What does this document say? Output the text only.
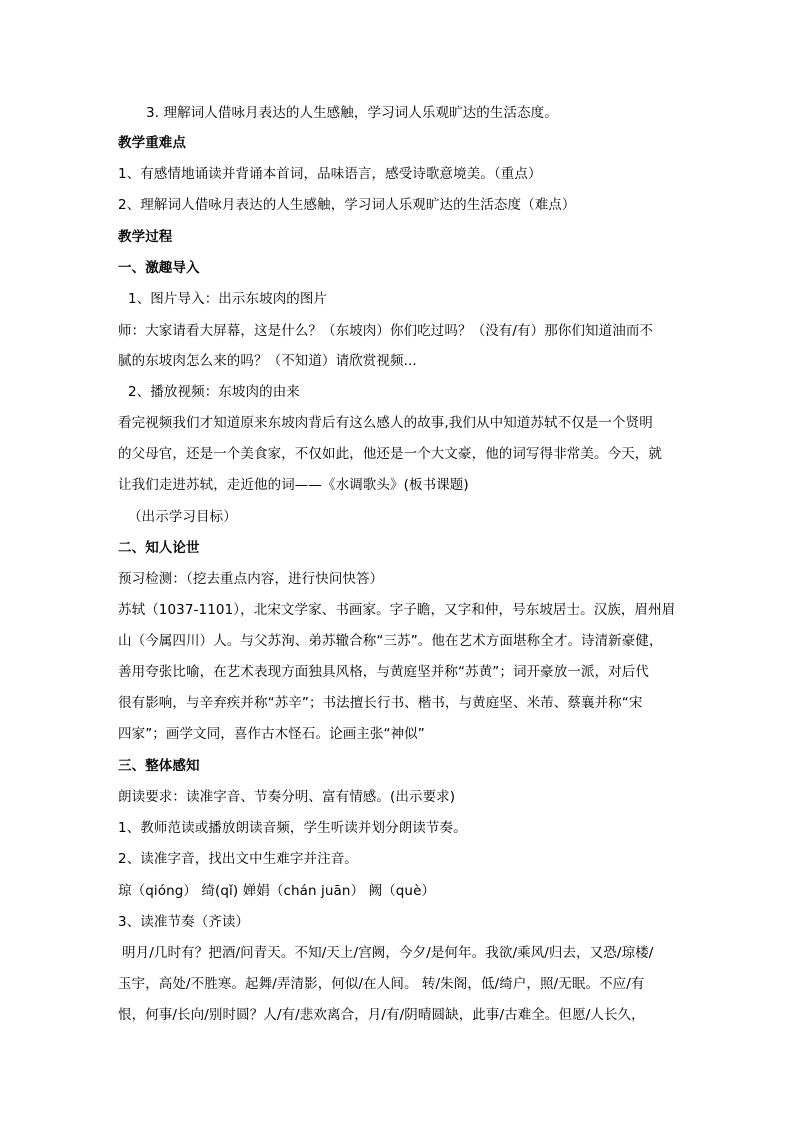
3. 理解词人借咏月表达的人生感触，学习词人乐观旷达的生活态度。
教学重难点
1、有感情地诵读并背诵本首词，品味语言，感受诗歌意境美。（重点）
2、理解词人借咏月表达的人生感触，学习词人乐观旷达的生活态度（难点）
教学过程
一、激趣导入
1、图片导入：出示东坡肉的图片
师：大家请看大屏幕，这是什么？（东坡肉）你们吃过吗？（没有/有）那你们知道油而不
腻的东坡肉怎么来的吗？（不知道）请欣赏视频...
2、播放视频：东坡肉的由来
看完视频我们才知道原来东坡肉背后有这么感人的故事,我们从中知道苏轼不仅是一个贤明
的父母官，还是一个美食家，不仅如此，他还是一个大文豪，他的词写得非常美。今天，就
让我们走进苏轼，走近他的词——《水调歌头》(板书课题)
（出示学习目标）
二、知人论世
预习检测：（挖去重点内容，进行快问快答）
苏轼（1037-1101），北宋文学家、书画家。字子瞻，又字和仲，号东坡居士。汉族，眉州眉
山（今属四川）人。与父苏洵、弟苏辙合称“三苏”。他在艺术方面堪称全才。诗清新豪健，
善用夸张比喻，在艺术表现方面独具风格，与黄庭坚并称“苏黄”；词开豪放一派，对后代
很有影响，与辛弃疾并称“苏辛”；书法擅长行书、楷书，与黄庭坚、米芾、蔡襄并称“宋
四家”；画学文同，喜作古木怪石。论画主张“神似”
三、整体感知
朗读要求：读准字音、节奏分明、富有情感。(出示要求)
1、教师范读或播放朗读音频，学生听读并划分朗读节奏。
2、读准字音，找出文中生难字并注音。
琼（qióng） 绮(qǐ) 婵娟（chán juān） 阙（què）
3、读准节奏（齐读）
明月/几时有？把酒/问青天。不知/天上/宫阙，今夕/是何年。我欲/乘风/归去，又恐/琼楼/
玉宇，高处/不胜寒。起舞/弄清影，何似/在人间。 转/朱阁，低/绮户，照/无眠。不应/有
恨，何事/长向/别时圆？人/有/悲欢离合，月/有/阴晴圆缺，此事/古难全。但愿/人长久，
